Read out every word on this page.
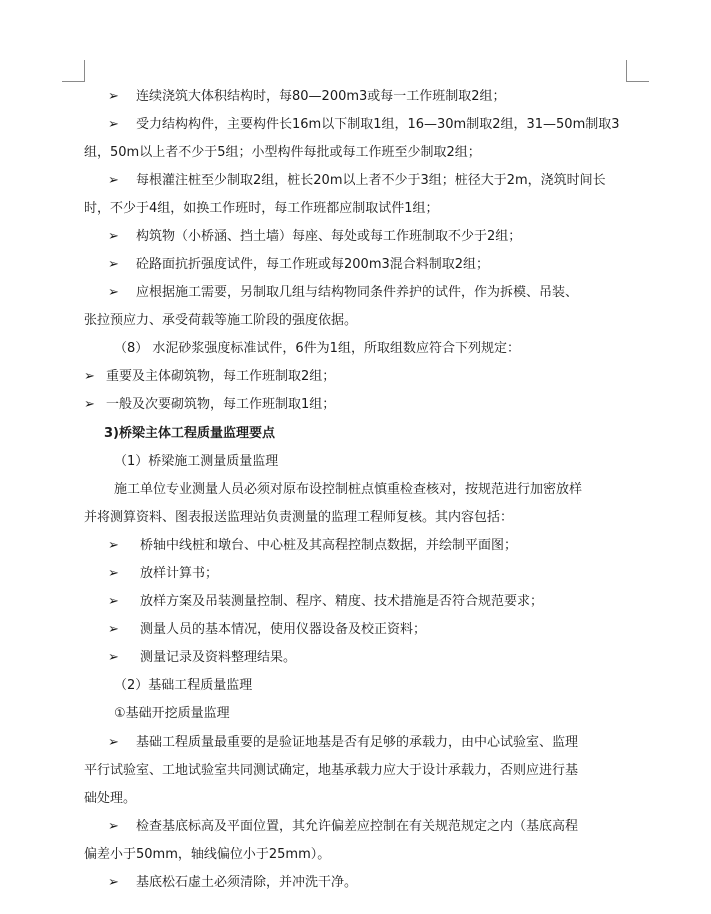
➢ 连续浇筑大体积结构时，每80—200m3或每一工作班制取2组；
➢ 受力结构构件，主要构件长16m以下制取1组，16—30m制取2组，31—50m制取3
组，50m以上者不少于5组；小型构件每批或每工作班至少制取2组；
➢ 每根灌注桩至少制取2组，桩长20m以上者不少于3组；桩径大于2m，浇筑时间长
时，不少于4组，如换工作班时，每工作班都应制取试件1组；
➢ 构筑物（小桥涵、挡土墙）每座、每处或每工作班制取不少于2组；
➢ 砼路面抗折强度试件，每工作班或每200m3混合料制取2组；
➢ 应根据施工需要，另制取几组与结构物同条件养护的试件，作为拆模、吊装、
张拉预应力、承受荷载等施工阶段的强度依据。
（8） 水泥砂浆强度标准试件，6件为1组，所取组数应符合下列规定：
➢ 重要及主体砌筑物，每工作班制取2组；
➢ 一般及次要砌筑物，每工作班制取1组；
3)桥梁主体工程质量监理要点
（1）桥梁施工测量质量监理
施工单位专业测量人员必须对原布设控制桩点慎重检查核对，按规范进行加密放样
并将测算资料、图表报送监理站负责测量的监理工程师复核。其内容包括：
➢ 桥轴中线桩和墩台、中心桩及其高程控制点数据，并绘制平面图；
➢ 放样计算书；
➢ 放样方案及吊装测量控制、程序、精度、技术措施是否符合规范要求；
➢ 测量人员的基本情况，使用仪器设备及校正资料；
➢ 测量记录及资料整理结果。
（2）基础工程质量监理
①基础开挖质量监理
➢ 基础工程质量最重要的是验证地基是否有足够的承载力，由中心试验室、监理
平行试验室、工地试验室共同测试确定，地基承载力应大于设计承载力，否则应进行基
础处理。
➢ 检查基底标高及平面位置，其允许偏差应控制在有关规范规定之内（基底高程
偏差小于50mm，轴线偏位小于25mm）。
➢ 基底松石虚土必须清除，并冲洗干净。
